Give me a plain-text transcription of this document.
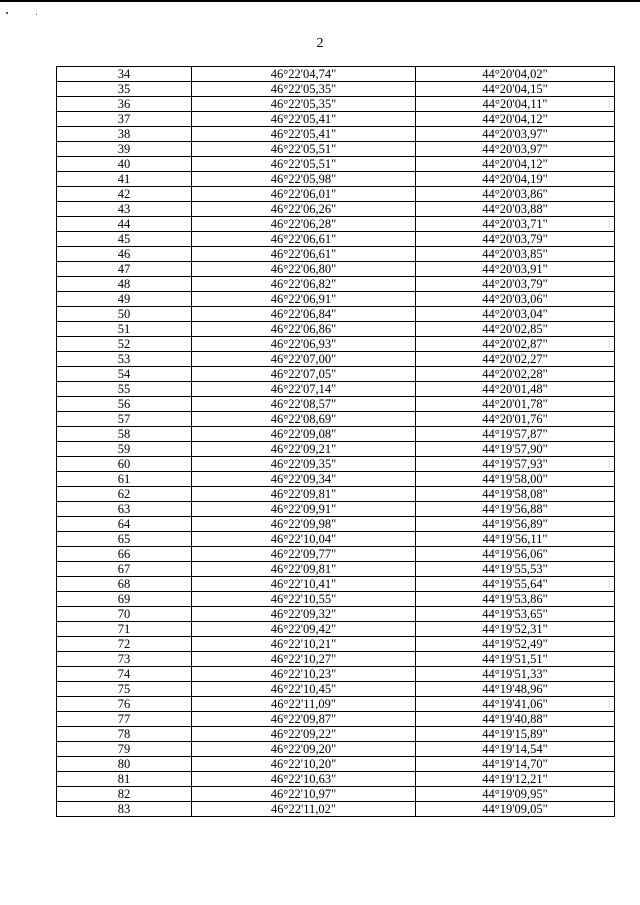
2
34	46°22'04,74"	44°20'04,02"
35	46°22'05,35"	44°20'04,15"
36	46°22'05,35"	44°20'04,11"
37	46°22'05,41"	44°20'04,12"
38	46°22'05,41"	44°20'03,97"
39	46°22'05,51"	44°20'03,97"
40	46°22'05,51"	44°20'04,12"
41	46°22'05,98"	44°20'04,19"
42	46°22'06,01"	44°20'03,86"
43	46°22'06,26"	44°20'03,88"
44	46°22'06,28"	44°20'03,71"
45	46°22'06,61"	44°20'03,79"
46	46°22'06,61"	44°20'03,85"
47	46°22'06,80"	44°20'03,91"
48	46°22'06,82"	44°20'03,79"
49	46°22'06,91"	44°20'03,06"
50	46°22'06,84"	44°20'03,04"
51	46°22'06,86"	44°20'02,85"
52	46°22'06,93"	44°20'02,87"
53	46°22'07,00"	44°20'02,27"
54	46°22'07,05"	44°20'02,28"
55	46°22'07,14"	44°20'01,48"
56	46°22'08,57"	44°20'01,78"
57	46°22'08,69"	44°20'01,76"
58	46°22'09,08"	44°19'57,87"
59	46°22'09,21"	44°19'57,90"
60	46°22'09,35"	44°19'57,93"
61	46°22'09,34"	44°19'58,00"
62	46°22'09,81"	44°19'58,08"
63	46°22'09,91"	44°19'56,88"
64	46°22'09,98"	44°19'56,89"
65	46°22'10,04"	44°19'56,11"
66	46°22'09,77"	44°19'56,06"
67	46°22'09,81"	44°19'55,53"
68	46°22'10,41"	44°19'55,64"
69	46°22'10,55"	44°19'53,86"
70	46°22'09,32"	44°19'53,65"
71	46°22'09,42"	44°19'52,31"
72	46°22'10,21"	44°19'52,49"
73	46°22'10,27"	44°19'51,51"
74	46°22'10,23"	44°19'51,33"
75	46°22'10,45"	44°19'48,96"
76	46°22'11,09"	44°19'41,06"
77	46°22'09,87"	44°19'40,88"
78	46°22'09,22"	44°19'15,89"
79	46°22'09,20"	44°19'14,54"
80	46°22'10,20"	44°19'14,70"
81	46°22'10,63"	44°19'12,21"
82	46°22'10,97"	44°19'09,95"
83	46°22'11,02"	44°19'09,05"
